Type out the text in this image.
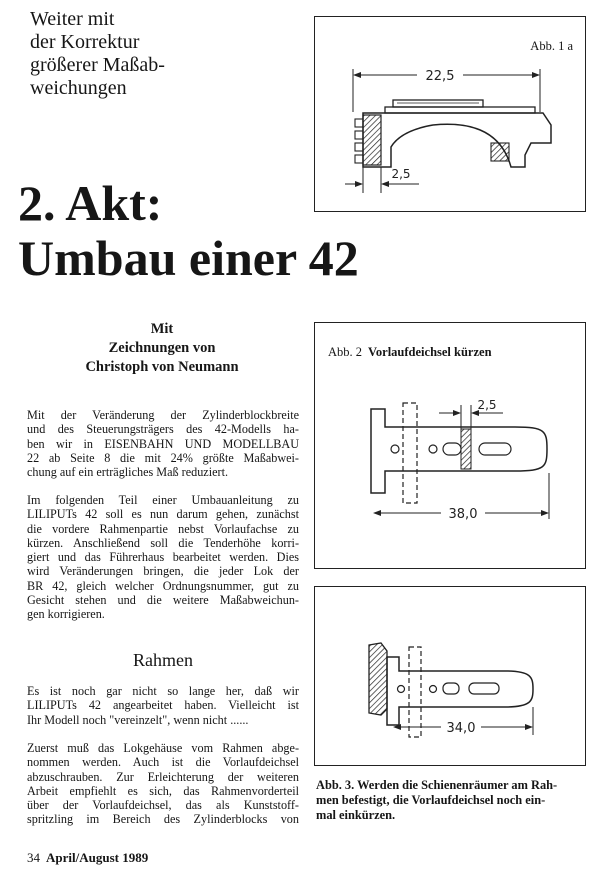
Weiter mit
der Korrektur
größerer Maßab-
weichungen
2. Akt:
Umbau einer 42
Mit
Zeichnungen von
Christoph von Neumann
Mit der Veränderung der Zylinderblockbreite
und des Steuerungsträgers des 42-Modells ha-
ben wir in EISENBAHN UND MODELLBAU
22 ab Seite 8 die mit 24% größte Maßabwei-
chung auf ein erträgliches Maß reduziert.
Im folgenden Teil einer Umbauanleitung zu
LILIPUTs 42 soll es nun darum gehen, zunächst
die vordere Rahmenpartie nebst Vorlaufachse zu
kürzen. Anschließend soll die Tenderhöhe korri-
giert und das Führerhaus bearbeitet werden. Dies
wird Veränderungen bringen, die jeder Lok der
BR 42, gleich welcher Ordnungsnummer, gut zu
Gesicht stehen und die weitere Maßabweichun-
gen korrigieren.
Rahmen
Es ist noch gar nicht so lange her, daß wir
LILIPUTs 42 angearbeitet haben. Vielleicht ist
Ihr Modell noch "vereinzelt", wenn nicht ......
Zuerst muß das Lokgehäuse vom Rahmen abge-
nommen werden. Auch ist die Vorlaufdeichsel
abzuschrauben. Zur Erleichterung der weiteren
Arbeit empfiehlt es sich, das Rahmenvorderteil
über der Vorlaufdeichsel, das als Kunststoff-
spritzling im Bereich des Zylinderblocks von
34 April/August 1989
Abb. 1 a
22,5
2,5
Abb. 2 Vorlaufdeichsel kürzen
2,5
38,0
34,0
Abb. 3. Werden die Schienenräumer am Rah-
men befestigt, die Vorlaufdeichsel noch ein-
mal einkürzen.
